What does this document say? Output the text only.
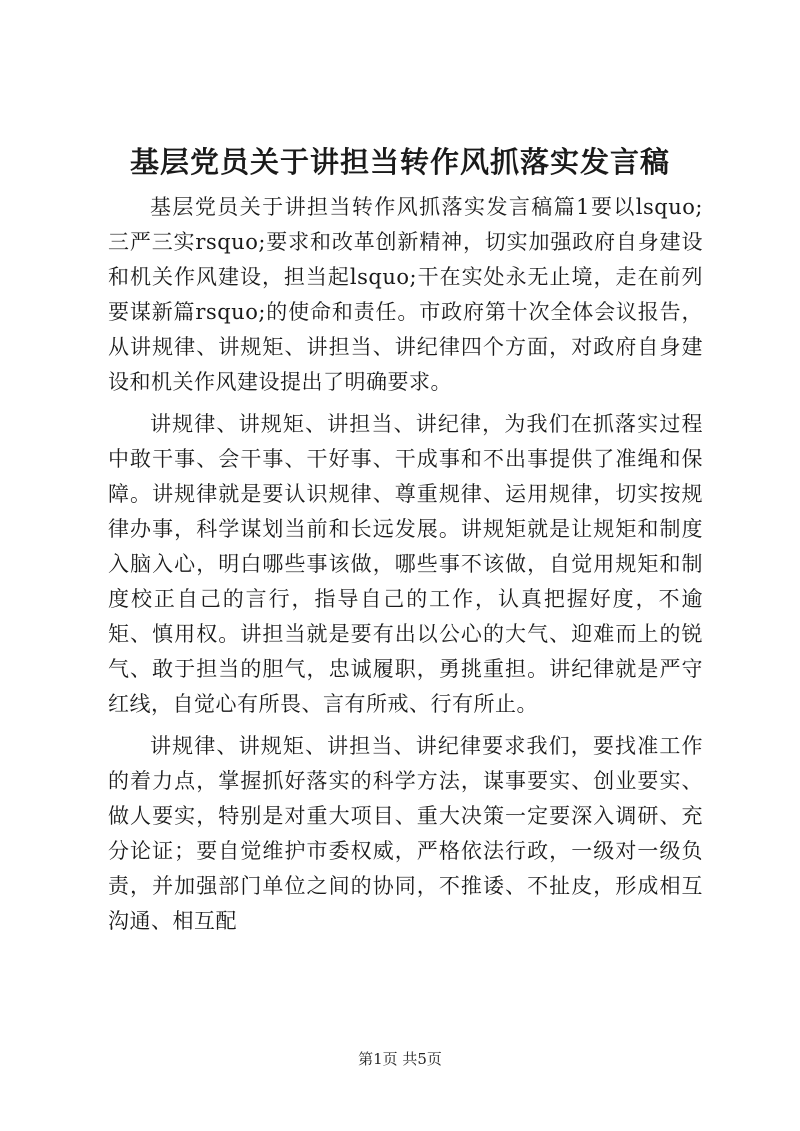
基层党员关于讲担当转作风抓落实发言稿

基层党员关于讲担当转作风抓落实发言稿篇1要以lsquo;三严三实rsquo;要求和改革创新精神，切实加强政府自身建设和机关作风建设，担当起lsquo;干在实处永无止境，走在前列要谋新篇rsquo;的使命和责任。市政府第十次全体会议报告，从讲规律、讲规矩、讲担当、讲纪律四个方面，对政府自身建设和机关作风建设提出了明确要求。

讲规律、讲规矩、讲担当、讲纪律，为我们在抓落实过程中敢干事、会干事、干好事、干成事和不出事提供了准绳和保障。讲规律就是要认识规律、尊重规律、运用规律，切实按规律办事，科学谋划当前和长远发展。讲规矩就是让规矩和制度入脑入心，明白哪些事该做，哪些事不该做，自觉用规矩和制度校正自己的言行，指导自己的工作，认真把握好度，不逾矩、慎用权。讲担当就是要有出以公心的大气、迎难而上的锐气、敢于担当的胆气，忠诚履职，勇挑重担。讲纪律就是严守红线，自觉心有所畏、言有所戒、行有所止。

讲规律、讲规矩、讲担当、讲纪律要求我们，要找准工作的着力点，掌握抓好落实的科学方法，谋事要实、创业要实、做人要实，特别是对重大项目、重大决策一定要深入调研、充分论证；要自觉维护市委权威，严格依法行政，一级对一级负责，并加强部门单位之间的协同，不推诿、不扯皮，形成相互沟通、相互配

第1页 共5页
